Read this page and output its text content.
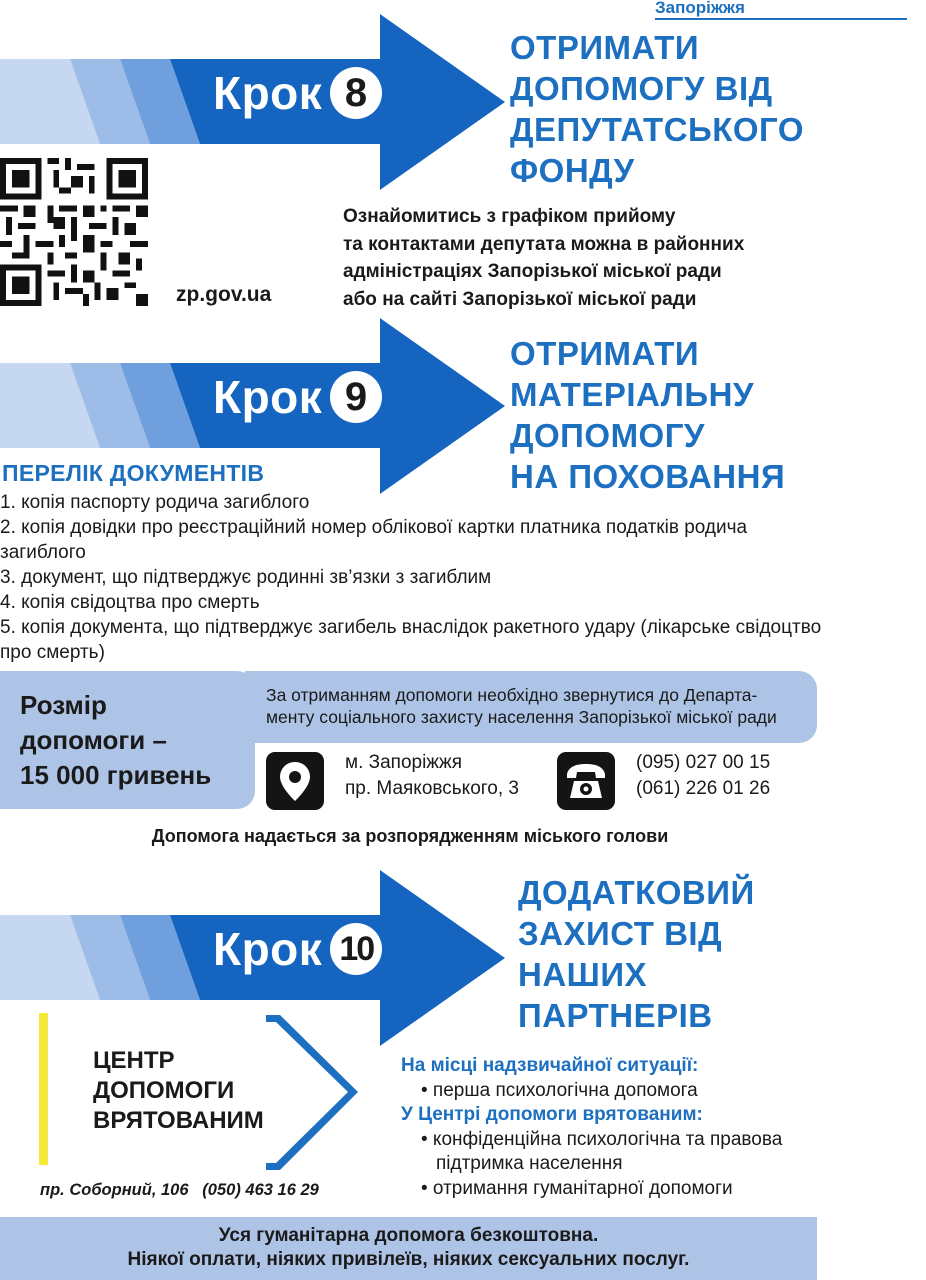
Запоріжжя
Крок 8
ОТРИМАТИ
ДОПОМОГУ ВІД
ДЕПУТАТСЬКОГО
ФОНДУ
zp.gov.ua
Ознайомитись з графіком прийому
та контактами депутата можна в районних
адміністраціях Запорізької міської ради
або на сайті Запорізької міської ради
Крок 9
ОТРИМАТИ
МАТЕРІАЛЬНУ
ДОПОМОГУ
НА ПОХОВАННЯ
ПЕРЕЛІК ДОКУМЕНТІВ
1. копія паспорту родича загиблого
2. копія довідки про реєстраційний номер облікової картки платника податків родича загиблого
3. документ, що підтверджує родинні зв’язки з загиблим
4. копія свідоцтва про смерть
5. копія документа, що підтверджує загибель внаслідок ракетного удару (лікарське свідоцтво про смерть)
Розмір
допомоги –
15 000 гривень
За отриманням допомоги необхідно звернутися до Департа-
менту соціального захисту населення Запорізької міської ради
м. Запоріжжя
пр. Маяковського, 3
(095) 027 00 15
(061) 226 01 26
Допомога надається за розпорядженням міського голови
Крок 10
ДОДАТКОВИЙ
ЗАХИСТ ВІД
НАШИХ
ПАРТНЕРІВ
ЦЕНТР
ДОПОМОГИ
ВРЯТОВАНИМ
пр. Соборний, 106 (050) 463 16 29
На місці надзвичайної ситуації:
• перша психологічна допомога
У Центрі допомоги врятованим:
• конфіденційна психологічна та правова
підтримка населення
• отримання гуманітарної допомоги
Уся гуманітарна допомога безкоштовна.
Ніякої оплати, ніяких привілеїв, ніяких сексуальних послуг.
